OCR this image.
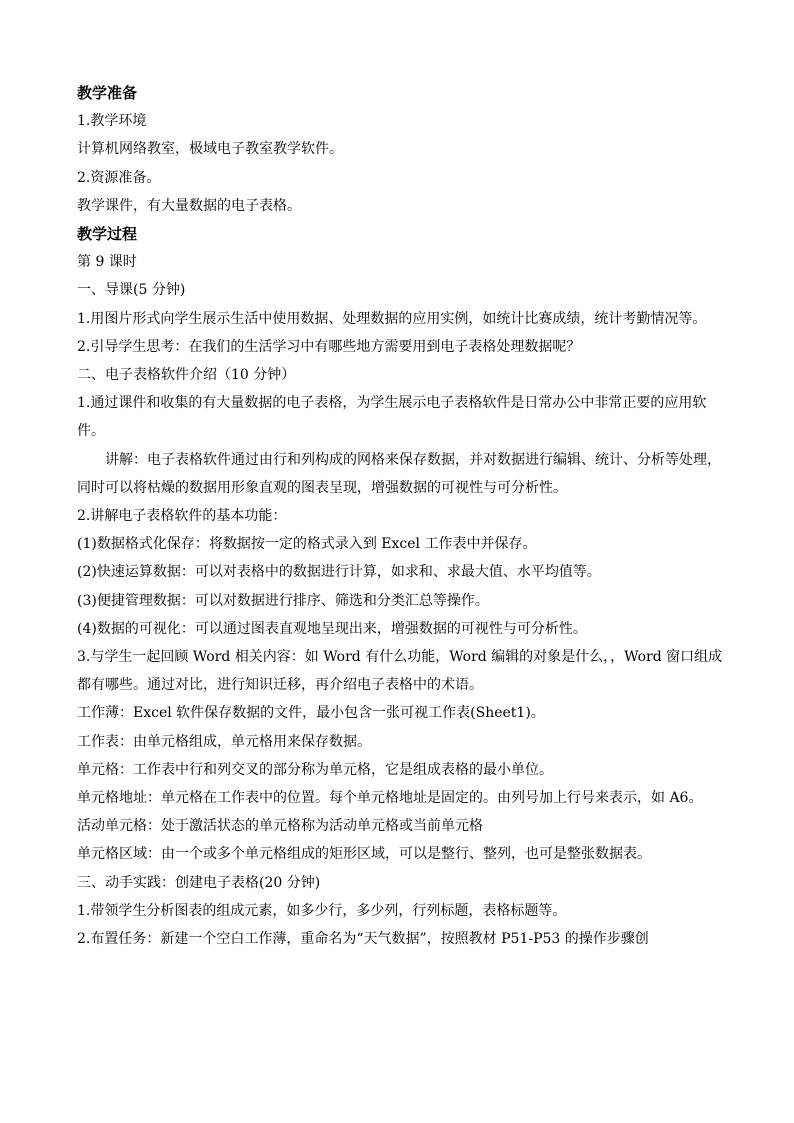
教学准备

1.教学环境

计算机网络教室，极域电子教室教学软件。

2.资源准备。

教学课件，有大量数据的电子表格。

教学过程

第 9 课时

一、导课(5 分钟)

1.用图片形式向学生展示生活中使用数据、处理数据的应用实例，如统计比赛成绩，统计考勤情况等。

2.引导学生思考：在我们的生活学习中有哪些地方需要用到电子表格处理数据呢？

二、电子表格软件介绍（10 分钟）

1.通过课件和收集的有大量数据的电子表格，为学生展示电子表格软件是日常办公中非常正要的应用软件。

讲解：电子表格软件通过由行和列构成的网格来保存数据，并对数据进行编辑、统计、分析等处理，同时可以将枯燥的数据用形象直观的图表呈现，增强数据的可视性与可分析性。

2.讲解电子表格软件的基本功能：

(1)数据格式化保存：将数据按一定的格式录入到 Excel 工作表中并保存。

(2)快速运算数据：可以对表格中的数据进行计算，如求和、求最大值、水平均值等。

(3)便捷管理数据：可以对数据进行排序、筛选和分类汇总等操作。

(4)数据的可视化：可以通过图表直观地呈现出来，增强数据的可视性与可分析性。

3.与学生一起回顾 Word 相关内容：如 Word 有什么功能，Word 编辑的对象是什么，，Word 窗口组成都有哪些。通过对比，进行知识迁移，再介绍电子表格中的术语。

工作薄：Excel 软件保存数据的文件，最小包含一张可视工作表(Sheet1)。

工作表：由单元格组成，单元格用来保存数据。

单元格：工作表中行和列交叉的部分称为单元格，它是组成表格的最小单位。

单元格地址：单元格在工作表中的位置。每个单元格地址是固定的。由列号加上行号来表示，如 A6。

活动单元格：处于激活状态的单元格称为活动单元格或当前单元格

单元格区域：由一个或多个单元格组成的矩形区域，可以是整行、整列，也可是整张数据表。

三、动手实践：创建电子表格(20 分钟)

1.带领学生分析图表的组成元素，如多少行，多少列，行列标题，表格标题等。

2.布置任务：新建一个空白工作薄，重命名为“天气数据”，按照教材 P51-P53 的操作步骤创
